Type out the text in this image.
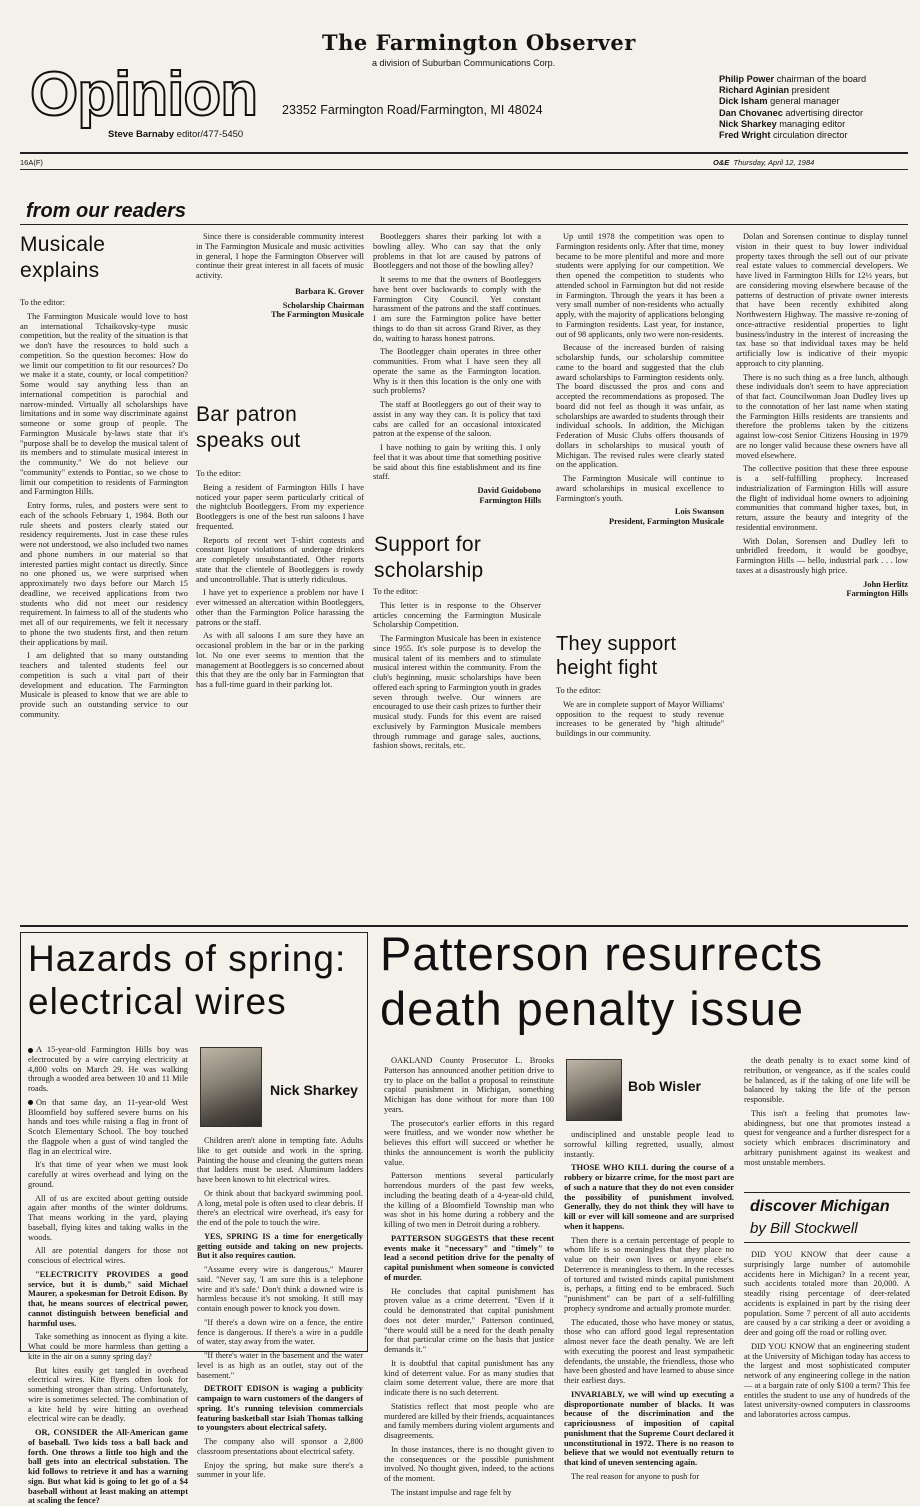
The Farmington Observer
a division of Suburban Communications Corp.
Opinion
Steve Barnaby editor/477-5450
23352 Farmington Road/Farmington, MI 48024
Philip Power chairman of the board
Richard Aginian president
Dick Isham general manager
Dan Chovanec advertising director
Nick Sharkey managing editor
Fred Wright circulation director
16A(F)	O&E Thursday, April 12, 1984
from our readers
Musicale explains

To the editor:

The Farmington Musicale would love to host an international Tchaikovsky-type music competition, but the reality of the situation is that we don't have the resources to hold such a competition. So the question becomes: How do we limit our competition to fit our resources? Do we make it a state, county, or local competition? Some would say anything less than an international competition is parochial and narrow-minded. Virtually all scholarships have limitations and in some way discriminate against someone or some group of people. The Farmington Musicale by-laws state that it's "purpose shall be to develop the musical talent of its members and to stimulate musical interest in the community." We do not believe our "community" extends to Pontiac, so we chose to limit our competition to residents of Farmington and Farmington Hills.

Entry forms, rules, and posters were sent to each of the schools February 1, 1984. Both our rule sheets and posters clearly stated our residency requirements. Just in case these rules were not understood, we also included two names and phone numbers in our material so that interested parties might contact us directly. Since no one phoned us, we were surprised when approximately two days before our March 15 deadline, we received applications from two students who did not meet our residency requirement. In fairness to all of the students who met all of our requirements, we felt it necessary to phone the two students first, and then return their applications by mail.

I am delighted that so many outstanding teachers and talented students feel our competition is such a vital part of their development and education. The Farmington Musicale is pleased to know that we are able to provide such an outstanding service to our community.

Since there is considerable community interest in The Farmington Musicale and music activities in general, I hope the Farmington Observer will continue their great interest in all facets of music activity.

Barbara K. Grover

Scholarship Chairman

The Farmington Musicale

Bar patron speaks out

To the editor:

Being a resident of Farmington Hills I have noticed your paper seem particularly critical of the nightclub Bootleggers. From my experience Bootleggers is one of the best run saloons I have frequented.

Reports of recent wet T-shirt contests and constant liquor violations of underage drinkers are completely unsubstantiated. Other reports state that the clientele of Bootleggers is rowdy and uncontrollable. That is utterly ridiculous.

I have yet to experience a problem nor have I ever witnessed an altercation within Bootleggers, other than the Farmington Police harassing the patrons or the staff.

As with all saloons I am sure they have an occasional problem in the bar or in the parking lot. No one ever seems to mention that the management at Bootleggers is so concerned about this that they are the only bar in Farmington that has a full-time guard in their parking lot.

Bootleggers shares their parking lot with a bowling alley. Who can say that the only problems in that lot are caused by patrons of Bootleggers and not those of the bowling alley?

It seems to me that the owners of Bootleggers have bent over backwards to comply with the Farmington City Council. Yet constant harassment of the patrons and the staff continues. I am sure the Farmington police have better things to do than sit across Grand River, as they do, waiting to harass honest patrons.

The Bootlegger chain operates in three other communities. From what I have seen they all operate the same as the Farmington location. Why is it then this location is the only one with such problems?

The staff at Bootleggers go out of their way to assist in any way they can. It is policy that taxi cabs are called for an occasional intoxicated patron at the expense of the saloon.

I have nothing to gain by writing this. I only feel that it was about time that something positive be said about this fine establishment and its fine staff.

David Guidobono

Farmington Hills

Support for scholarship

To the editor:

This letter is in response to the Observer articles concerning the Farmington Musicale Scholarship Competition.

The Farmington Musicale has been in existence since 1955. It's sole purpose is to develop the musical talent of its members and to stimulate musical interest within the community. From the club's beginning, music scholarships have been offered each spring to Farmington youth in grades seven through twelve. Our winners are encouraged to use their cash prizes to further their musical study. Funds for this event are raised exclusively by Farmington Musicale members through rummage and garage sales, auctions, fashion shows, recitals, etc.

Up until 1978 the competition was open to Farmington residents only. After that time, money became to be more plentiful and more and more students were applying for our competition. We then opened the competition to students who attended school in Farmington but did not reside in Farmington. Through the years it has been a very small number of non-residents who actually apply, with the majority of applications belonging to Farmington residents. Last year, for instance, out of 98 applicants, only two were non-residents.

Because of the increased burden of raising scholarship funds, our scholarship committee came to the board and suggested that the club award scholarships to Farmington residents only. The board discussed the pros and cons and accepted the recommendations as proposed. The board did not feel as though it was unfair, as scholarships are awarded to students through their individual schools. In addition, the Michigan Federation of Music Clubs offers thousands of dollars in scholarships to musical youth of Michigan. The revised rules were clearly stated on the application.

The Farmington Musicale will continue to award scholarships in musical excellence to Farmington's youth.

Lois Swanson

President, Farmington Musicale

They support height fight

To the editor:

We are in complete support of Mayor Williams' opposition to the request to study revenue increases to be generated by "high altitude" buildings in our community.

Dolan and Sorensen continue to display tunnel vision in their quest to buy lower individual property taxes through the sell out of our private real estate values to commercial developers. We have lived in Farmington Hills for 12½ years, but are considering moving elsewhere because of the patterns of destruction of private owner interests that have been recently exhibited along Northwestern Highway. The massive re-zoning of once-attractive residential properties to light business/industry in the interest of increasing the tax base so that individual taxes may be held artificially low is indicative of their myopic approach to city planning.

There is no such thing as a free lunch, although these individuals don't seem to have appreciation of that fact. Councilwoman Joan Dudley lives up to the connotation of her last name when stating the Farmington Hills residents are transients and therefore the problems taken by the citizens against low-cost Senior Citizens Housing in 1979 are no longer valid because these owners have all moved elsewhere.

The collective position that these three espouse is a self-fulfilling prophecy. Increased industrialization of Farmington Hills will assure the flight of individual home owners to adjoining communities that command higher taxes, but, in return, assure the beauty and integrity of the residential environment.

With Dolan, Sorensen and Dudley left to unbridled freedom, it would be goodbye, Farmington Hills — hello, industrial park . . . low taxes at a disastrously high price.

John Herlitz

Farmington Hills

Hazards of spring: electrical wires

A 15-year-old Farmington Hills boy was electrocuted by a wire carrying electricity at 4,800 volts on March 29. He was walking through a wooded area between 10 and 11 Mile roads.

On that same day, an 11-year-old West Bloomfield boy suffered severe burns on his hands and toes while raising a flag in front of Scotch Elementary School. The boy touched the flagpole when a gust of wind tangled the flag in an electrical wire.

It's that time of year when we must look carefully at wires overhead and lying on the ground.

All of us are excited about getting outside again after months of the winter doldrums. That means working in the yard, playing baseball, flying kites and taking walks in the woods.

All are potential dangers for those not conscious of electrical wires.

"ELECTRICITY PROVIDES a good service, but it is dumb," said Michael Maurer, a spokesman for Detroit Edison. By that, he means sources of electrical power, cannot distinguish between beneficial and harmful uses.

Take something as innocent as flying a kite. What could be more harmless than getting a kite in the air on a sunny spring day?

But kites easily get tangled in overhead electrical wires. Kite flyers often look for something stronger than string. Unfortunately, wire is sometimes selected. The combination of a kite held by wire hitting an overhead electrical wire can be deadly.

OR, CONSIDER the All-American game of baseball. Two kids toss a ball back and forth. One throws a little too high and the ball gets into an electrical substation. The kid follows to retrieve it and has a warning sign. But what kid is going to let go of a $4 baseball without at least making an attempt at scaling the fence?

Nick Sharkey

Children aren't alone in tempting fate. Adults like to get outside and work in the spring. Painting the house and cleaning the gutters mean that ladders must be used. Aluminum ladders have been known to hit electrical wires.

Or think about that backyard swimming pool. A long, metal pole is often used to clear debris. If there's an electrical wire overhead, it's easy for the end of the pole to touch the wire.

YES, SPRING IS a time for energetically getting outside and taking on new projects. But it also requires caution.

"Assume every wire is dangerous," Maurer said. "Never say, 'I am sure this is a telephone wire and it's safe.' Don't think a downed wire is harmless because it's not smoking. It still may contain enough power to knock you down.

"If there's a down wire on a fence, the entire fence is dangerous. If there's a wire in a puddle of water, stay away from the water.

"If there's water in the basement and the water level is as high as an outlet, stay out of the basement."

DETROIT EDISON is waging a publicity campaign to warn customers of the dangers of spring. It's running television commercials featuring basketball star Isiah Thomas talking to youngsters about electrical safety.

The company also will sponsor a 2,800 classroom presentations about electrical safety.

Enjoy the spring, but make sure there's a summer in your life.

Patterson resurrects death penalty issue

OAKLAND County Prosecutor L. Brooks Patterson has announced another petition drive to try to place on the ballot a proposal to reinstitute capital punishment in Michigan, something Michigan has done without for more than 100 years.

The prosecutor's earlier efforts in this regard were fruitless, and we wonder now whether he believes this effort will succeed or whether he thinks the announcement is worth the publicity value.

Patterson mentions several particularly horrendous murders of the past few weeks, including the beating death of a 4-year-old child, the killing of a Bloomfield Township man who was shot in his home during a robbery and the killing of two men in Detroit during a robbery.

PATTERSON SUGGESTS that these recent events make it "necessary" and "timely" to lead a second petition drive for the penalty of capital punishment when someone is convicted of murder.

He concludes that capital punishment has proven value as a crime deterrent. "Even if it could be demonstrated that capital punishment does not deter murder," Patterson continued, "there would still be a need for the death penalty for that particular crime on the basis that justice demands it."

It is doubtful that capital punishment has any kind of deterrent value. For as many studies that claim some deterrent value, there are more that indicate there is no such deterrent.

Statistics reflect that most people who are murdered are killed by their friends, acquaintances and family members during violent arguments and disagreements.

In those instances, there is no thought given to the consequences or the possible punishment involved. No thought given, indeed, to the actions of the moment.

The instant impulse and rage felt by

Bob Wisler

undisciplined and unstable people lead to sorrowful killing regretted, usually, almost instantly.

THOSE WHO KILL during the course of a robbery or bizarre crime, for the most part are of such a nature that they do not even consider the possibility of punishment involved. Generally, they do not think they will have to kill or ever will kill someone and are surprised when it happens.

Then there is a certain percentage of people to whom life is so meaningless that they place no value on their own lives or anyone else's. Deterrence is meaningless to them. In the recesses of tortured and twisted minds capital punishment is, perhaps, a fitting end to be embraced. Such "punishment" can be part of a self-fulfilling prophecy syndrome and actually promote murder.

The educated, those who have money or status, those who can afford good legal representation almost never face the death penalty. We are left with executing the poorest and least sympathetic defendants, the unstable, the friendless, those who have been ghosted and have learned to abuse since their earliest days.

INVARIABLY, we will wind up executing a disproportionate number of blacks. It was because of the discrimination and the capriciousness of imposition of capital punishment that the Supreme Court declared it unconstitutional in 1972. There is no reason to believe that we would not eventually return to that kind of uneven sentencing again.

The real reason for anyone to push for

the death penalty is to exact some kind of retribution, or vengeance, as if the scales could be balanced, as if the taking of one life will be balanced by taking the life of the person responsible.

This isn't a feeling that promotes law-abidingness, but one that promotes instead a quest for vengeance and a further disrespect for a society which embraces discriminatory and arbitrary punishment against its weakest and most unstable members.

discover Michigan
by Bill Stockwell

DID YOU KNOW that deer cause a surprisingly large number of automobile accidents here in Michigan? In a recent year, such accidents totaled more than 20,000. A steadily rising percentage of deer-related accidents is explained in part by the rising deer population. Some 7 percent of all auto accidents are caused by a car striking a deer or avoiding a deer and going off the road or rolling over.

DID YOU KNOW that an engineering student at the University of Michigan today has access to the largest and most sophisticated computer network of any engineering college in the nation — at a bargain rate of only $100 a term? This fee entitles the student to use any of hundreds of the latest university-owned computers in classrooms and laboratories across campus.
